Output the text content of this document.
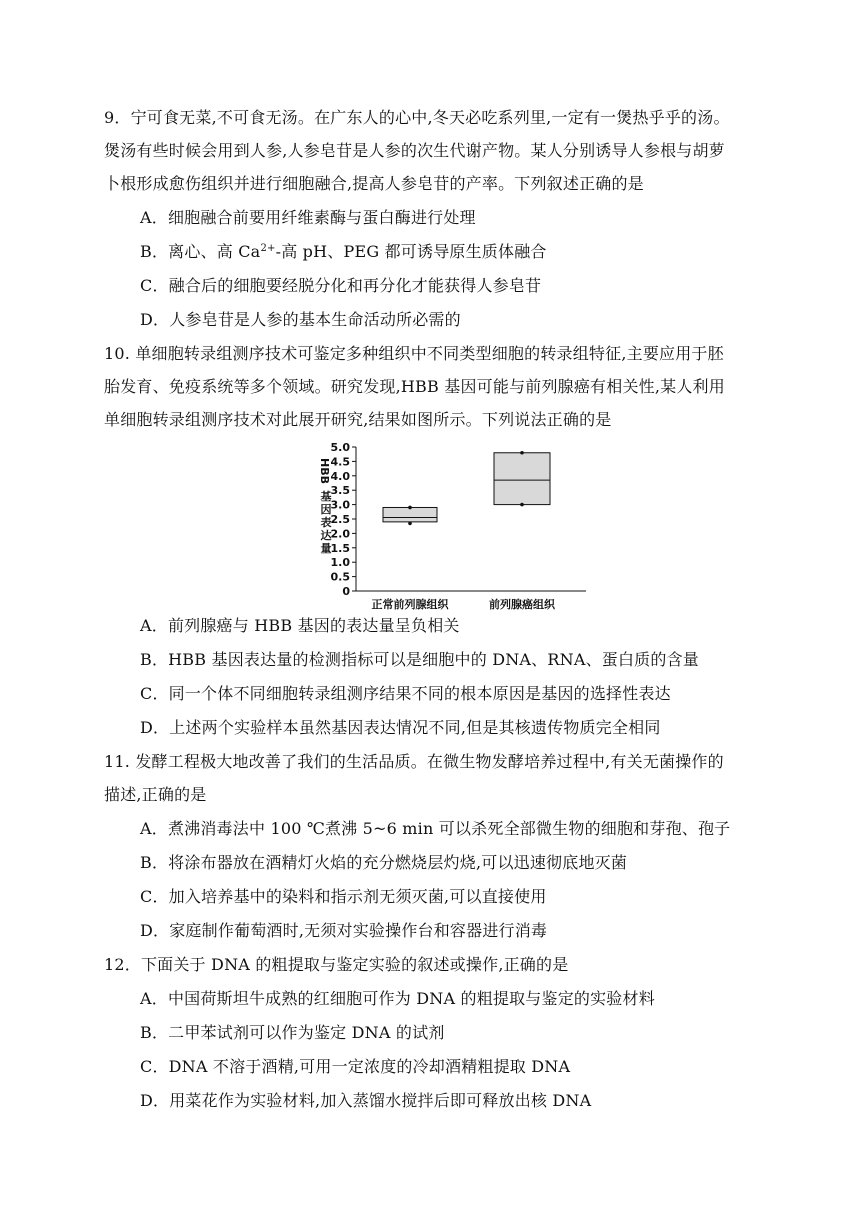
9．宁可食无菜,不可食无汤。在广东人的心中,冬天必吃系列里,一定有一煲热乎乎的汤。
煲汤有些时候会用到人参,人参皂苷是人参的次生代谢产物。某人分别诱导人参根与胡萝
卜根形成愈伤组织并进行细胞融合,提高人参皂苷的产率。下列叙述正确的是
A．细胞融合前要用纤维素酶与蛋白酶进行处理
B．离心、高 $Ca^{2+}-$高 pH、PEG 都可诱导原生质体融合
C．融合后的细胞要经脱分化和再分化才能获得人参皂苷
D．人参皂苷是人参的基本生命活动所必需的
10. 单细胞转录组测序技术可鉴定多种组织中不同类型细胞的转录组特征,主要应用于胚
胎发育、免疫系统等多个领域。研究发现,HBB 基因可能与前列腺癌有相关性,某人利用
单细胞转录组测序技术对此展开研究,结果如图所示。下列说法正确的是
HBB
基
因
表
达
量
5.0
4.5
4.0
3.5
3.0
2.5
2.0
1.5
1.0
0.5
0
正常前列腺组织	前列腺癌组织
A．前列腺癌与 HBB 基因的表达量呈负相关
B．HBB 基因表达量的检测指标可以是细胞中的 DNA、RNA、蛋白质的含量
C．同一个体不同细胞转录组测序结果不同的根本原因是基因的选择性表达
D．上述两个实验样本虽然基因表达情况不同,但是其核遗传物质完全相同
11. 发酵工程极大地改善了我们的生活品质。在微生物发酵培养过程中,有关无菌操作的
描述,正确的是
A．煮沸消毒法中 100 ℃煮沸 5~6 min 可以杀死全部微生物的细胞和芽孢、孢子
B．将涂布器放在酒精灯火焰的充分燃烧层灼烧,可以迅速彻底地灭菌
C．加入培养基中的染料和指示剂无须灭菌,可以直接使用
D．家庭制作葡萄酒时,无须对实验操作台和容器进行消毒
12．下面关于 DNA 的粗提取与鉴定实验的叙述或操作,正确的是
A．中国荷斯坦牛成熟的红细胞可作为 DNA 的粗提取与鉴定的实验材料
B．二甲苯试剂可以作为鉴定 DNA 的试剂
C．DNA 不溶于酒精,可用一定浓度的冷却酒精粗提取 DNA
D．用菜花作为实验材料,加入蒸馏水搅拌后即可释放出核 DNA
